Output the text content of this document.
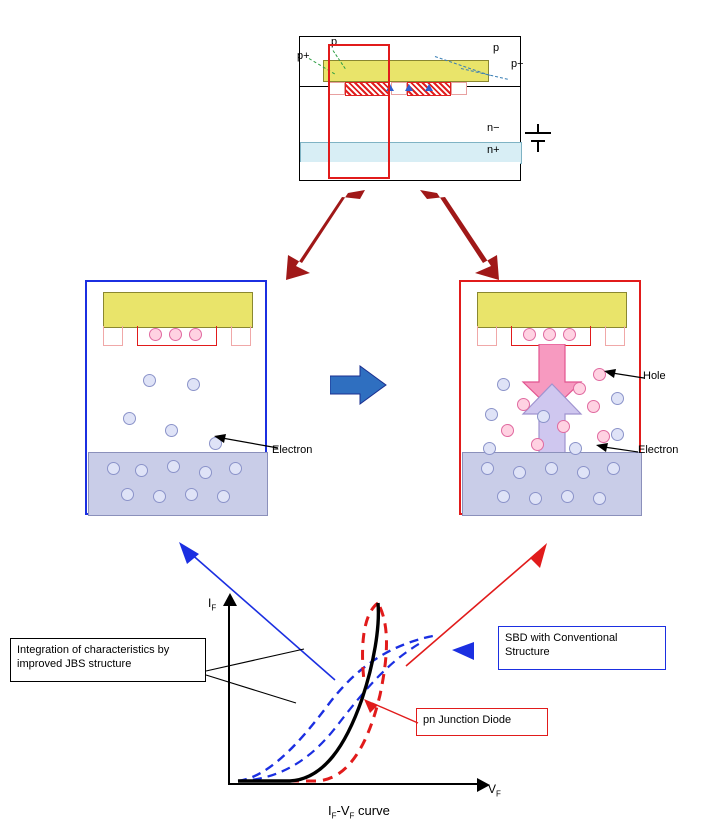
p+
p	p
p+
n−
n+
Electron
Hole
Electron
$I_F$
$V_F$
Integration of characteristics by improved JBS structure
SBD with Conventional Structure
pn Junction Diode
$I_F-V_F$ curve
